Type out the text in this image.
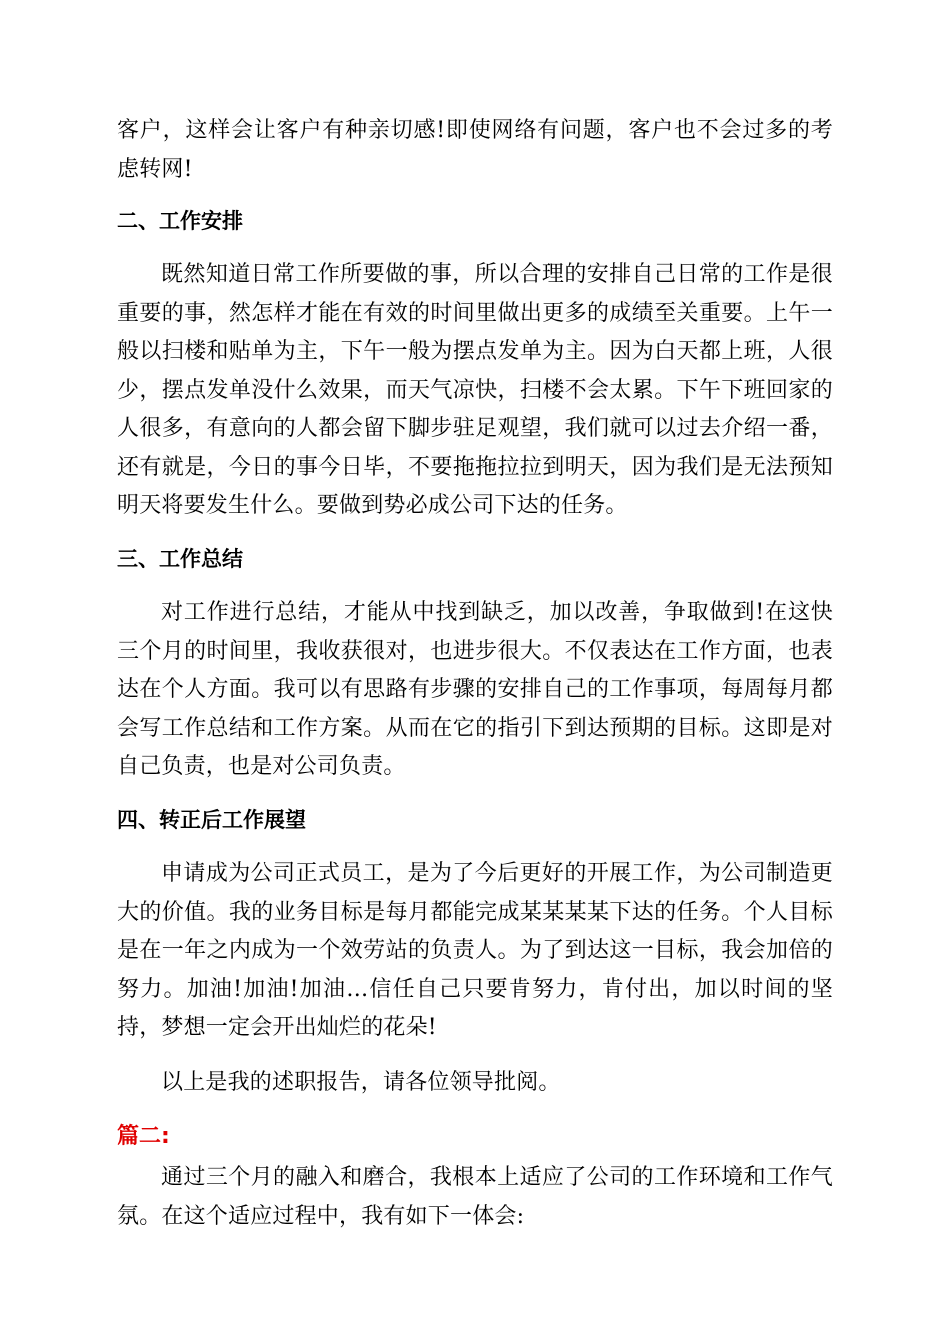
客户，这样会让客户有种亲切感!即使网络有问题，客户也不会过多的考虑转网!

二、工作安排

既然知道日常工作所要做的事，所以合理的安排自己日常的工作是很重要的事，然怎样才能在有效的时间里做出更多的成绩至关重要。上午一般以扫楼和贴单为主，下午一般为摆点发单为主。因为白天都上班，人很少，摆点发单没什么效果，而天气凉快，扫楼不会太累。下午下班回家的人很多，有意向的人都会留下脚步驻足观望，我们就可以过去介绍一番，还有就是，今日的事今日毕，不要拖拖拉拉到明天，因为我们是无法预知明天将要发生什么。要做到势必成公司下达的任务。

三、工作总结

对工作进行总结，才能从中找到缺乏，加以改善，争取做到!在这快三个月的时间里，我收获很对，也进步很大。不仅表达在工作方面，也表达在个人方面。我可以有思路有步骤的安排自己的工作事项，每周每月都会写工作总结和工作方案。从而在它的指引下到达预期的目标。这即是对自己负责，也是对公司负责。

四、转正后工作展望

申请成为公司正式员工，是为了今后更好的开展工作，为公司制造更大的价值。我的业务目标是每月都能完成某某某某下达的任务。个人目标是在一年之内成为一个效劳站的负责人。为了到达这一目标，我会加倍的努力。加油!加油!加油…信任自己只要肯努力，肯付出，加以时间的坚持，梦想一定会开出灿烂的花朵!

以上是我的述职报告，请各位领导批阅。

篇二:

通过三个月的融入和磨合，我根本上适应了公司的工作环境和工作气氛。在这个适应过程中，我有如下一体会:
